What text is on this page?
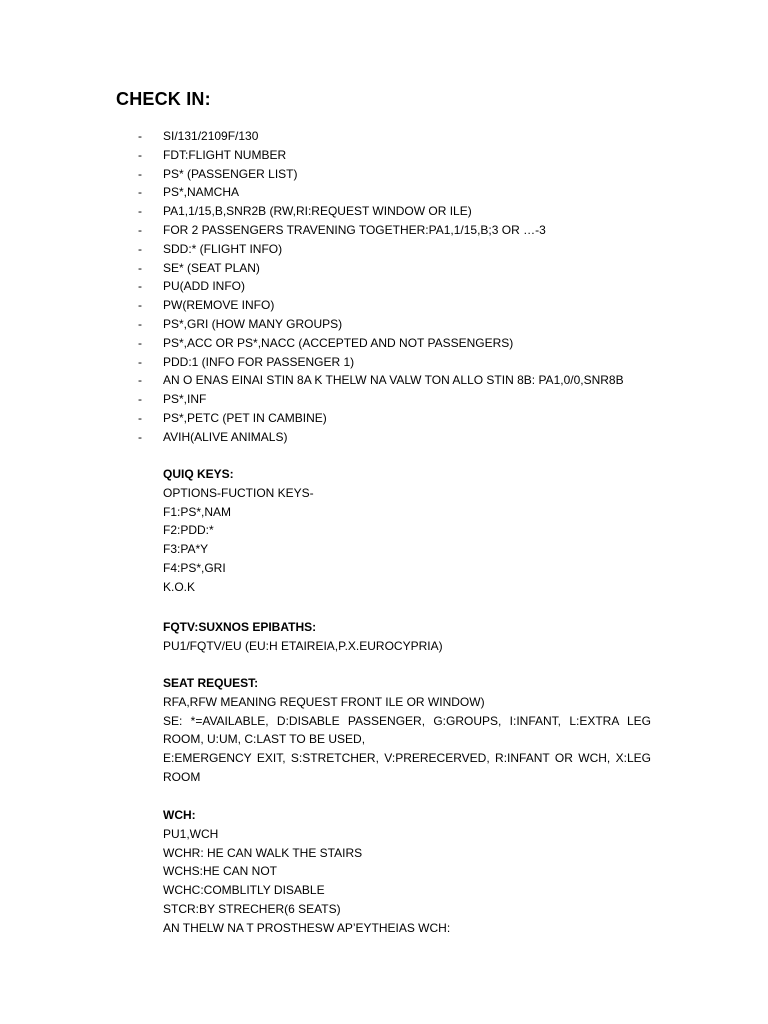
CHECK IN:
- SI/131/2109F/130
- FDT:FLIGHT NUMBER
- PS* (PASSENGER LIST)
- PS*,NAMCHA
- PA1,1/15,B,SNR2B (RW,RI:REQUEST WINDOW OR ILE)
- FOR 2 PASSENGERS TRAVENING TOGETHER:PA1,1/15,B;3 OR …-3
- SDD:* (FLIGHT INFO)
- SE* (SEAT PLAN)
- PU(ADD INFO)
- PW(REMOVE INFO)
- PS*,GRI (HOW MANY GROUPS)
- PS*,ACC OR PS*,NACC (ACCEPTED AND NOT PASSENGERS)
- PDD:1 (INFO FOR PASSENGER 1)
- AN O ENAS EINAI STIN 8A K THELW NA VALW TON ALLO STIN 8B: PA1,0/0,SNR8B
- PS*,INF
- PS*,PETC (PET IN CAMBINE)
- AVIH(ALIVE ANIMALS)
QUIQ KEYS:
OPTIONS-FUCTION KEYS-
F1:PS*,NAM
F2:PDD:*
F3:PA*Y
F4:PS*,GRI
K.O.K
FQTV:SUXNOS EPIBATHS:
PU1/FQTV/EU (EU:H ETAIREIA,P.X.EUROCYPRIA)
SEAT REQUEST:
RFA,RFW MEANING REQUEST FRONT ILE OR WINDOW)
SE: *=AVAILABLE, D:DISABLE PASSENGER, G:GROUPS, I:INFANT, L:EXTRA LEG ROOM, U:UM, C:LAST TO BE USED,
E:EMERGENCY EXIT, S:STRETCHER, V:PRERECERVED, R:INFANT OR WCH, X:LEG ROOM
WCH:
PU1,WCH
WCHR: HE CAN WALK THE STAIRS
WCHS:HE CAN NOT
WCHC:COMBLITLY DISABLE
STCR:BY STRECHER(6 SEATS)
AN THELW NA T PROSTHESW AP’EYTHEIAS WCH:
